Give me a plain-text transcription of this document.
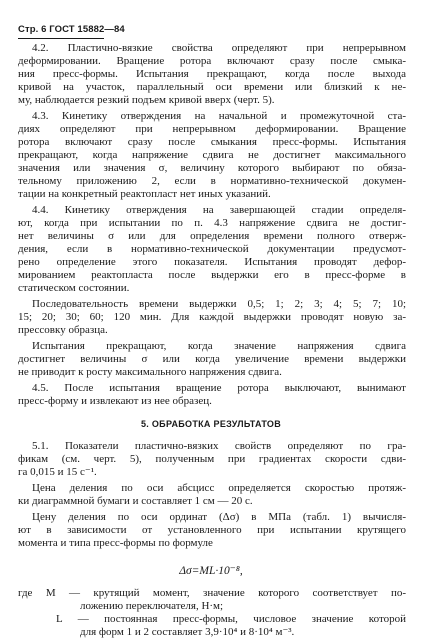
Стр. 6 ГОСТ 15882—84
4.2. Пластично-вязкие свойства определяют при непрерывном
деформировании. Вращение ротора включают сразу после смыка-
ния пресс-формы. Испытания прекращают, когда после выхода
кривой на участок, параллельный оси времени или близкий к не-
му, наблюдается резкий подъем кривой вверх (черт. 5).
4.3. Кинетику отверждения на начальной и промежуточной ста-
диях определяют при непрерывном деформировании. Вращение
ротора включают сразу после смыкания пресс-формы. Испытания
прекращают, когда напряжение сдвига не достигнет максимального
значения или значения σ, величину которого выбирают по обяза-
тельному приложению 2, если в нормативно-технической докумен-
тации на конкретный реактопласт нет иных указаний.
4.4. Кинетику отверждения на завершающей стадии определя-
ют, когда при испытании по п. 4.3 напряжение сдвига не достиг-
нет величины σ или для определения времени полного отверж-
дения, если в нормативно-технической документации предусмот-
рено определение этого показателя. Испытания проводят дефор-
мированием реактопласта после выдержки его в пресс-форме в
статическом состоянии.
Последовательность времени выдержки 0,5; 1; 2; 3; 4; 5; 7; 10;
15; 20; 30; 60; 120 мин. Для каждой выдержки проводят новую за-
прессовку образца.
Испытания прекращают, когда значение напряжения сдвига
достигнет величины σ или когда увеличение времени выдержки
не приводит к росту максимального напряжения сдвига.
4.5. После испытания вращение ротора выключают, вынимают
пресс-форму и извлекают из нее образец.
5. ОБРАБОТКА РЕЗУЛЬТАТОВ
5.1. Показатели пластично-вязких свойств определяют по гра-
фикам (см. черт. 5), полученным при градиентах скорости сдви-
га 0,015 и 15 с⁻¹.
Цена деления по оси абсцисс определяется скоростью протяж-
ки диаграммной бумаги и составляет 1 см — 20 с.
Цену деления по оси ординат (Δσ) в МПа (табл. 1) вычисля-
ют в зависимости от установленного при испытании крутящего
момента и типа пресс-формы по формуле
Δσ=ML·10⁻⁸,
где M — крутящий момент, значение которого соответствует по-
ложению переключателя, Н·м;
L — постоянная пресс-формы, числовое значение которой
для форм 1 и 2 составляет 3,9·10⁴ и 8·10⁴ м⁻³.
